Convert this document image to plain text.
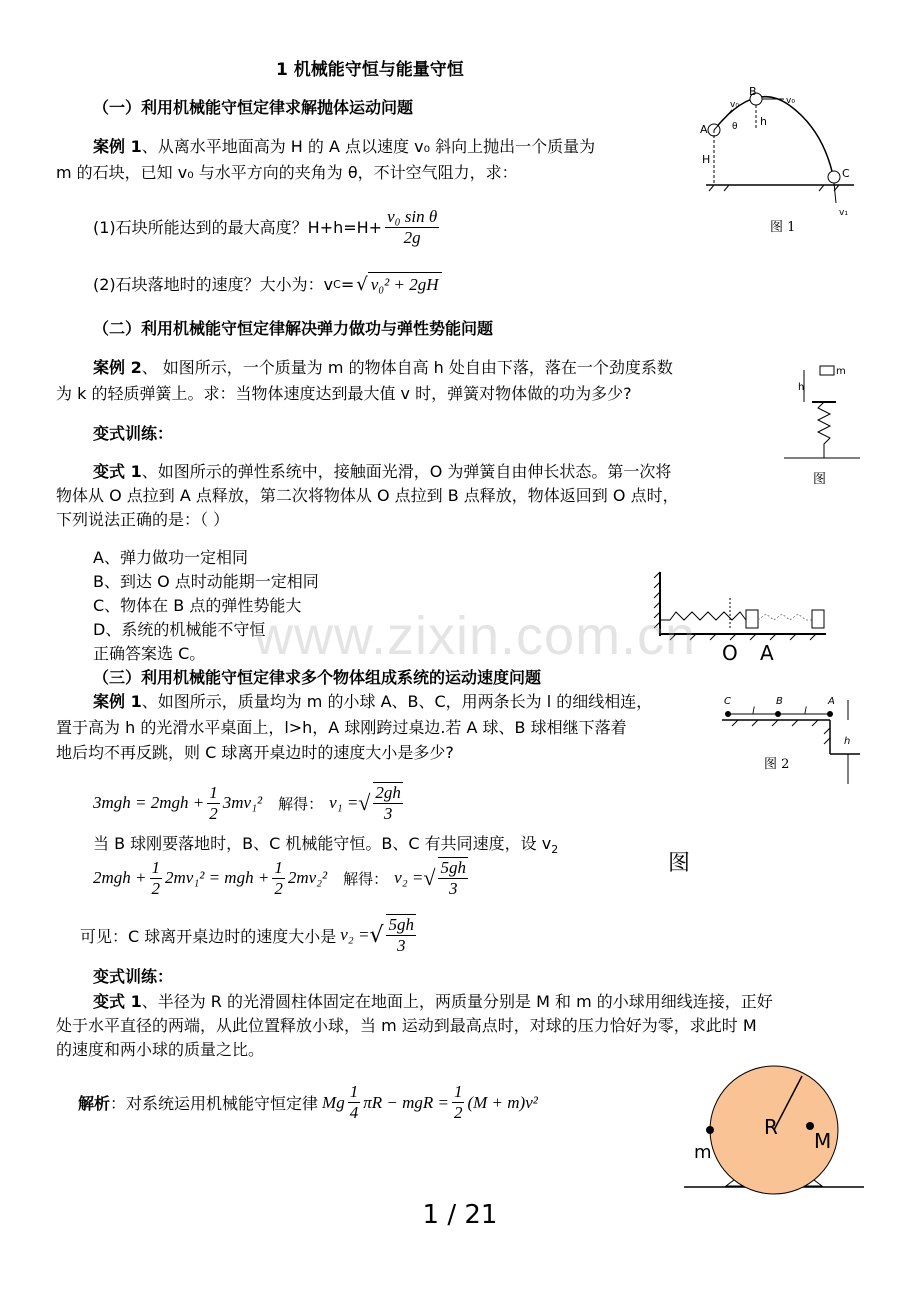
1 机械能守恒与能量守恒
（一）利用机械能守恒定律求解抛体运动问题
案例 1、从离水平地面高为 H 的 A 点以速度 v₀ 斜向上抛出一个质量为
m 的石块，已知 v₀ 与水平方向的夹角为 θ，不计空气阻力，求：
(1)石块所能达到的最大高度？$H+h=H+ \frac{\text{v₀ sin θ}}{2g}$
(2)石块落地时的速度？大小为：v C = √ v₀² + 2gH
A
B
C
H
h
v₀
θ
v₀
v₁
图 1
（二）利用机械能守恒定律解决弹力做功与弹性势能问题
案例 2、 如图所示，一个质量为 m 的物体自高 h 处自由下落，落在一个劲度系数
为 k 的轻质弹簧上。求：当物体速度达到最大值 v 时，弹簧对物体做的功为多少?
m
h
图
变式训练：
变式 1、如图所示的弹性系统中，接触面光滑，O 为弹簧自由伸长状态。第一次将
物体从 O 点拉到 A 点释放，第二次将物体从 O 点拉到 B 点释放，物体返回到 O 点时，
下列说法正确的是：（ ）
A、弹力做功一定相同
B、到达 O 点时动能期一定相同
C、物体在 B 点的弹性势能大
D、系统的机械能不守恒
正确答案选 C。	O A
www.zixin.com.cn
（三）利用机械能守恒定律求多个物体组成系统的运动速度问题
案例 1、如图所示，质量均为 m 的小球 A、B、C，用两条长为 l 的细线相连，
置于高为 h 的光滑水平桌面上，l>h，A 球刚跨过桌边.若 A 球、B 球相继下落着
地后均不再反跳，则 C 球离开桌边时的速度大小是多少?
C	B	A
l	l
h
图 2
$3mgh = 2mgh + \frac{1}{2} 3mv_1^2$ 解得： v₁ = √ $\frac{2gh}{3}$
当 B 球刚要落地时，B、C 机械能守恒。B、C 有共同速度，设 $v_2$
图
$2mgh + \frac{1}{2} 2mv_1^2$ = mgh + $\frac{1}{2} 2mv_2^2$ 解得： v₂ = √ $\frac{5gh}{3}$
可见：C 球离开桌边时的速度大小是 v₂ = √ $\frac{5gh}{3}$
变式训练：
变式 1、半径为 R 的光滑圆柱体固定在地面上，两质量分别是 M 和 m 的小球用细线连接，正好
处于水平直径的两端，从此位置释放小球，当 m 运动到最高点时，对球的压力恰好为零，求此时 M
的速度和两小球的质量之比。
解析 ：对系统运用机械能守恒定律 Mg $\frac{1}{4}$ πR − mgR = $\frac{1}{2} (M + m)v^2$
R
M
m
1 / 21
